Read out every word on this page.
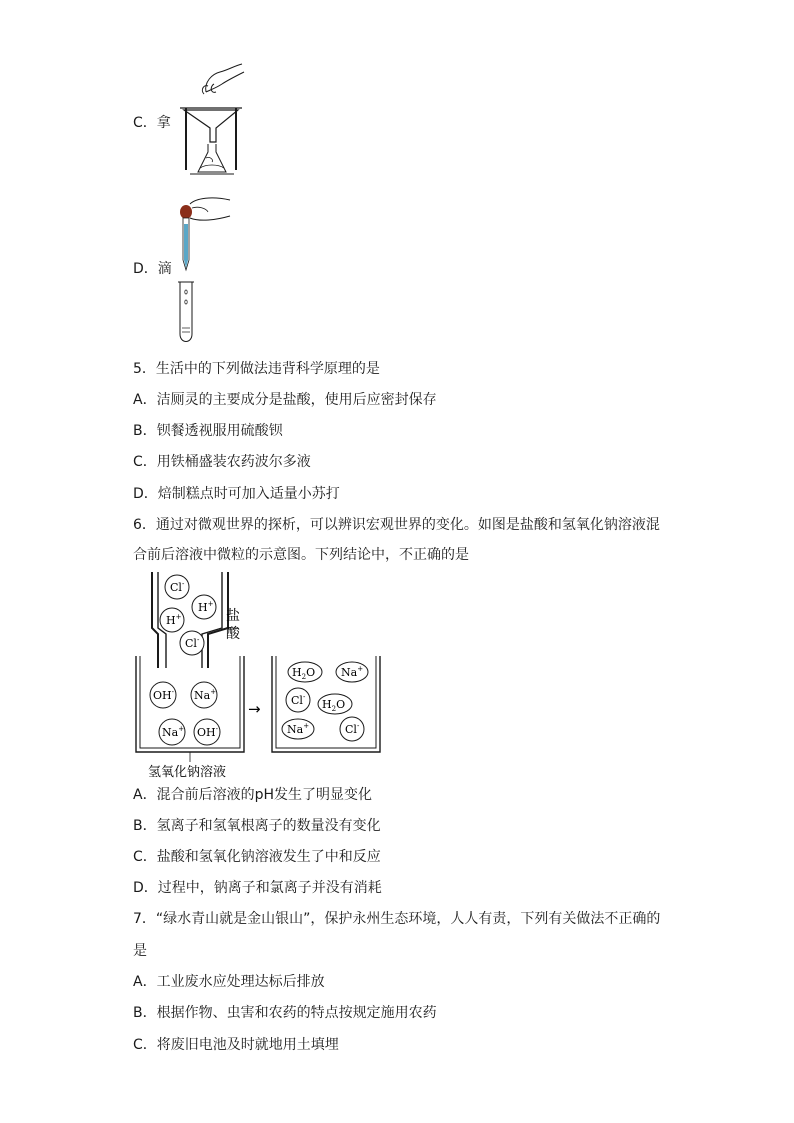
C．拿
D．滴
5．生活中的下列做法违背科学原理的是
A．洁厕灵的主要成分是盐酸，使用后应密封保存
B．钡餐透视服用硫酸钡
C．用铁桶盛装农药波尔多液
D．焙制糕点时可加入适量小苏打
6．通过对微观世界的探析，可以辨识宏观世界的变化。如图是盐酸和氢氧化钠溶液混
合前后溶液中微粒的示意图。下列结论中，不正确的是
盐
酸
Cl-
H+
H+
Cl-
OH- Na+
Na+ OH-
氢氧化钠溶液
→
$H_2O$ Na+
Cl-
$H_2O$
Na+	Cl-
A．混合前后溶液的pH发生了明显变化
B．氢离子和氢氧根离子的数量没有变化
C．盐酸和氢氧化钠溶液发生了中和反应
D．过程中，钠离子和氯离子并没有消耗
7．“绿水青山就是金山银山”，保护永州生态环境，人人有责，下列有关做法不正确的
是
A．工业废水应处理达标后排放
B．根据作物、虫害和农药的特点按规定施用农药
C．将废旧电池及时就地用土填埋
